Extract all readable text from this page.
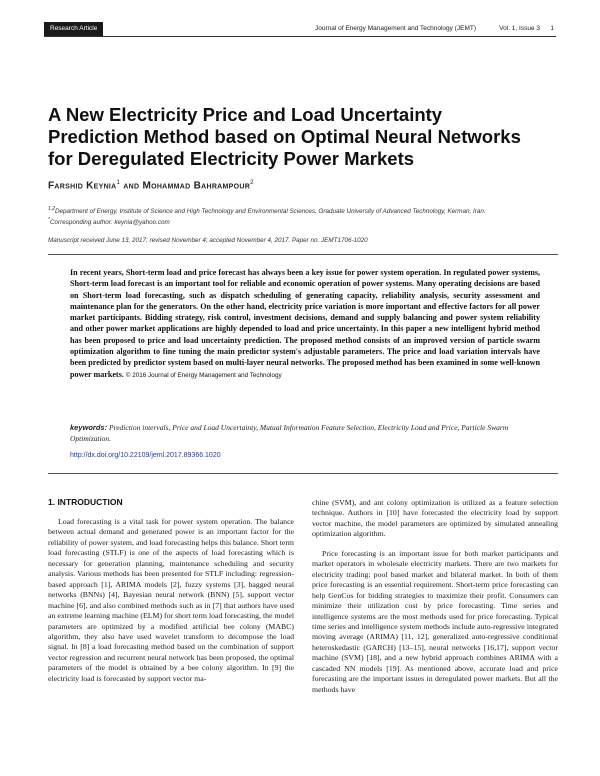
Research Article	Journal of Energy Management and Technology (JEMT)	Vol. 1, Issue 3 1
A New Electricity Price and Load Uncertainty
Prediction Method based on Optimal Neural Networks
for Deregulated Electricity Power Markets
Farshid Keynia$^1$ and Mohammad Bahrampour$^2$
$^{1,2}$Department of Energy, Institute of Science and High Technology and Environmental Sciences, Graduate University of Advanced Technology, Kerman, Iran.
*Corresponding author: keynia@yahoo.com
Manuscript received June 13, 2017; revised November 4; accepted November 4, 2017. Paper no. JEMT1706-1020
In recent years, Short-term load and price forecast has always been a key issue for power system operation. In regulated power systems, Short-term load forecast is an important tool for reliable and economic operation of power systems. Many operating decisions are based on Short-term load forecasting, such as dispatch scheduling of generating capacity, reliability analysis, security assessment and maintenance plan for the generators. On the other hand, electricity price variation is more important and effective factors for all power market participants. Bidding strategy, risk control, investment decisions, demand and supply balancing and power system reliability and other power market applications are highly depended to load and price uncertainty. In this paper a new intelligent hybrid method has been proposed to price and load uncertainty prediction. The proposed method consists of an improved version of particle swarm optimization algorithm to fine tuning the main predictor system's adjustable parameters. The price and load variation intervals have been predicted by predictor system based on multi-layer neural networks. The proposed method has been examined in some well-known power markets. © 2016 Journal of Energy Management and Technology
keywords: Prediction intervals, Price and Load Uncertainty, Mutual Information Feature Selection, Electricity Load and Price, Particle Swarm Optimization.
http://dx.doi.org/10.22109/jeml.2017.89366.1020
1. INTRODUCTION

Load forecasting is a vital task for power system operation. The balance between actual demand and generated power is an important factor for the reliability of power system, and load forecasting helps this balance. Short term load forecasting (STLF) is one of the aspects of load forecasting which is necessary for generation planning, maintenance scheduling and security analysis. Various methods has been presented for STLF including: regression-based approach [1], ARIMA models [2], fuzzy systems [3], bagged neural networks (BNNs) [4], Bayesian neural network (BNN) [5], support vector machine [6], and also combined methods such as in [7] that authors have used an extreme learning machine (ELM) for short term load forecasting, the model parameters are optimized by a modified artificial bee colony (MABC) algorithm, they also have used wavelet transform to decompose the load signal. In [8] a load forecasting method based on the combination of support vector regression and recurrent neural network has been proposed, the optimal parameters of the model is obtained by a bee colony algorithm. In [9] the electricity load is forecasted by support vector ma-

chine (SVM), and ant colony optimization is utilized as a feature selection technique. Authors in [10] have forecasted the electricity load by support vector machine, the model parameters are optimized by simulated annealing optimization algorithm.

Price forecasting is an important issue for both market participants and market operators in wholesale electricity markets. There are two markets for electricity trading: pool based market and bilateral market. In both of them price forecasting is an essential requirement. Short-term price forecasting can help GenCos for bidding strategies to maximize their profit. Consumers can minimize their utilization cost by price forecasting. Time series and intelligence systems are the most methods used for price forecasting. Typical time series and intelligence system methods include auto-regressive integrated moving average (ARIMA) [11, 12], generalized auto-regressive conditional heteroskedastic (GARCH) [13–15], neural networks [16,17], support vector machine (SVM) [18], and a new hybrid approach combines ARIMA with a cascaded NN models [19]. As mentioned above, accurate load and price forecasting are the important issues in deregulated power markets. But all the methods have
